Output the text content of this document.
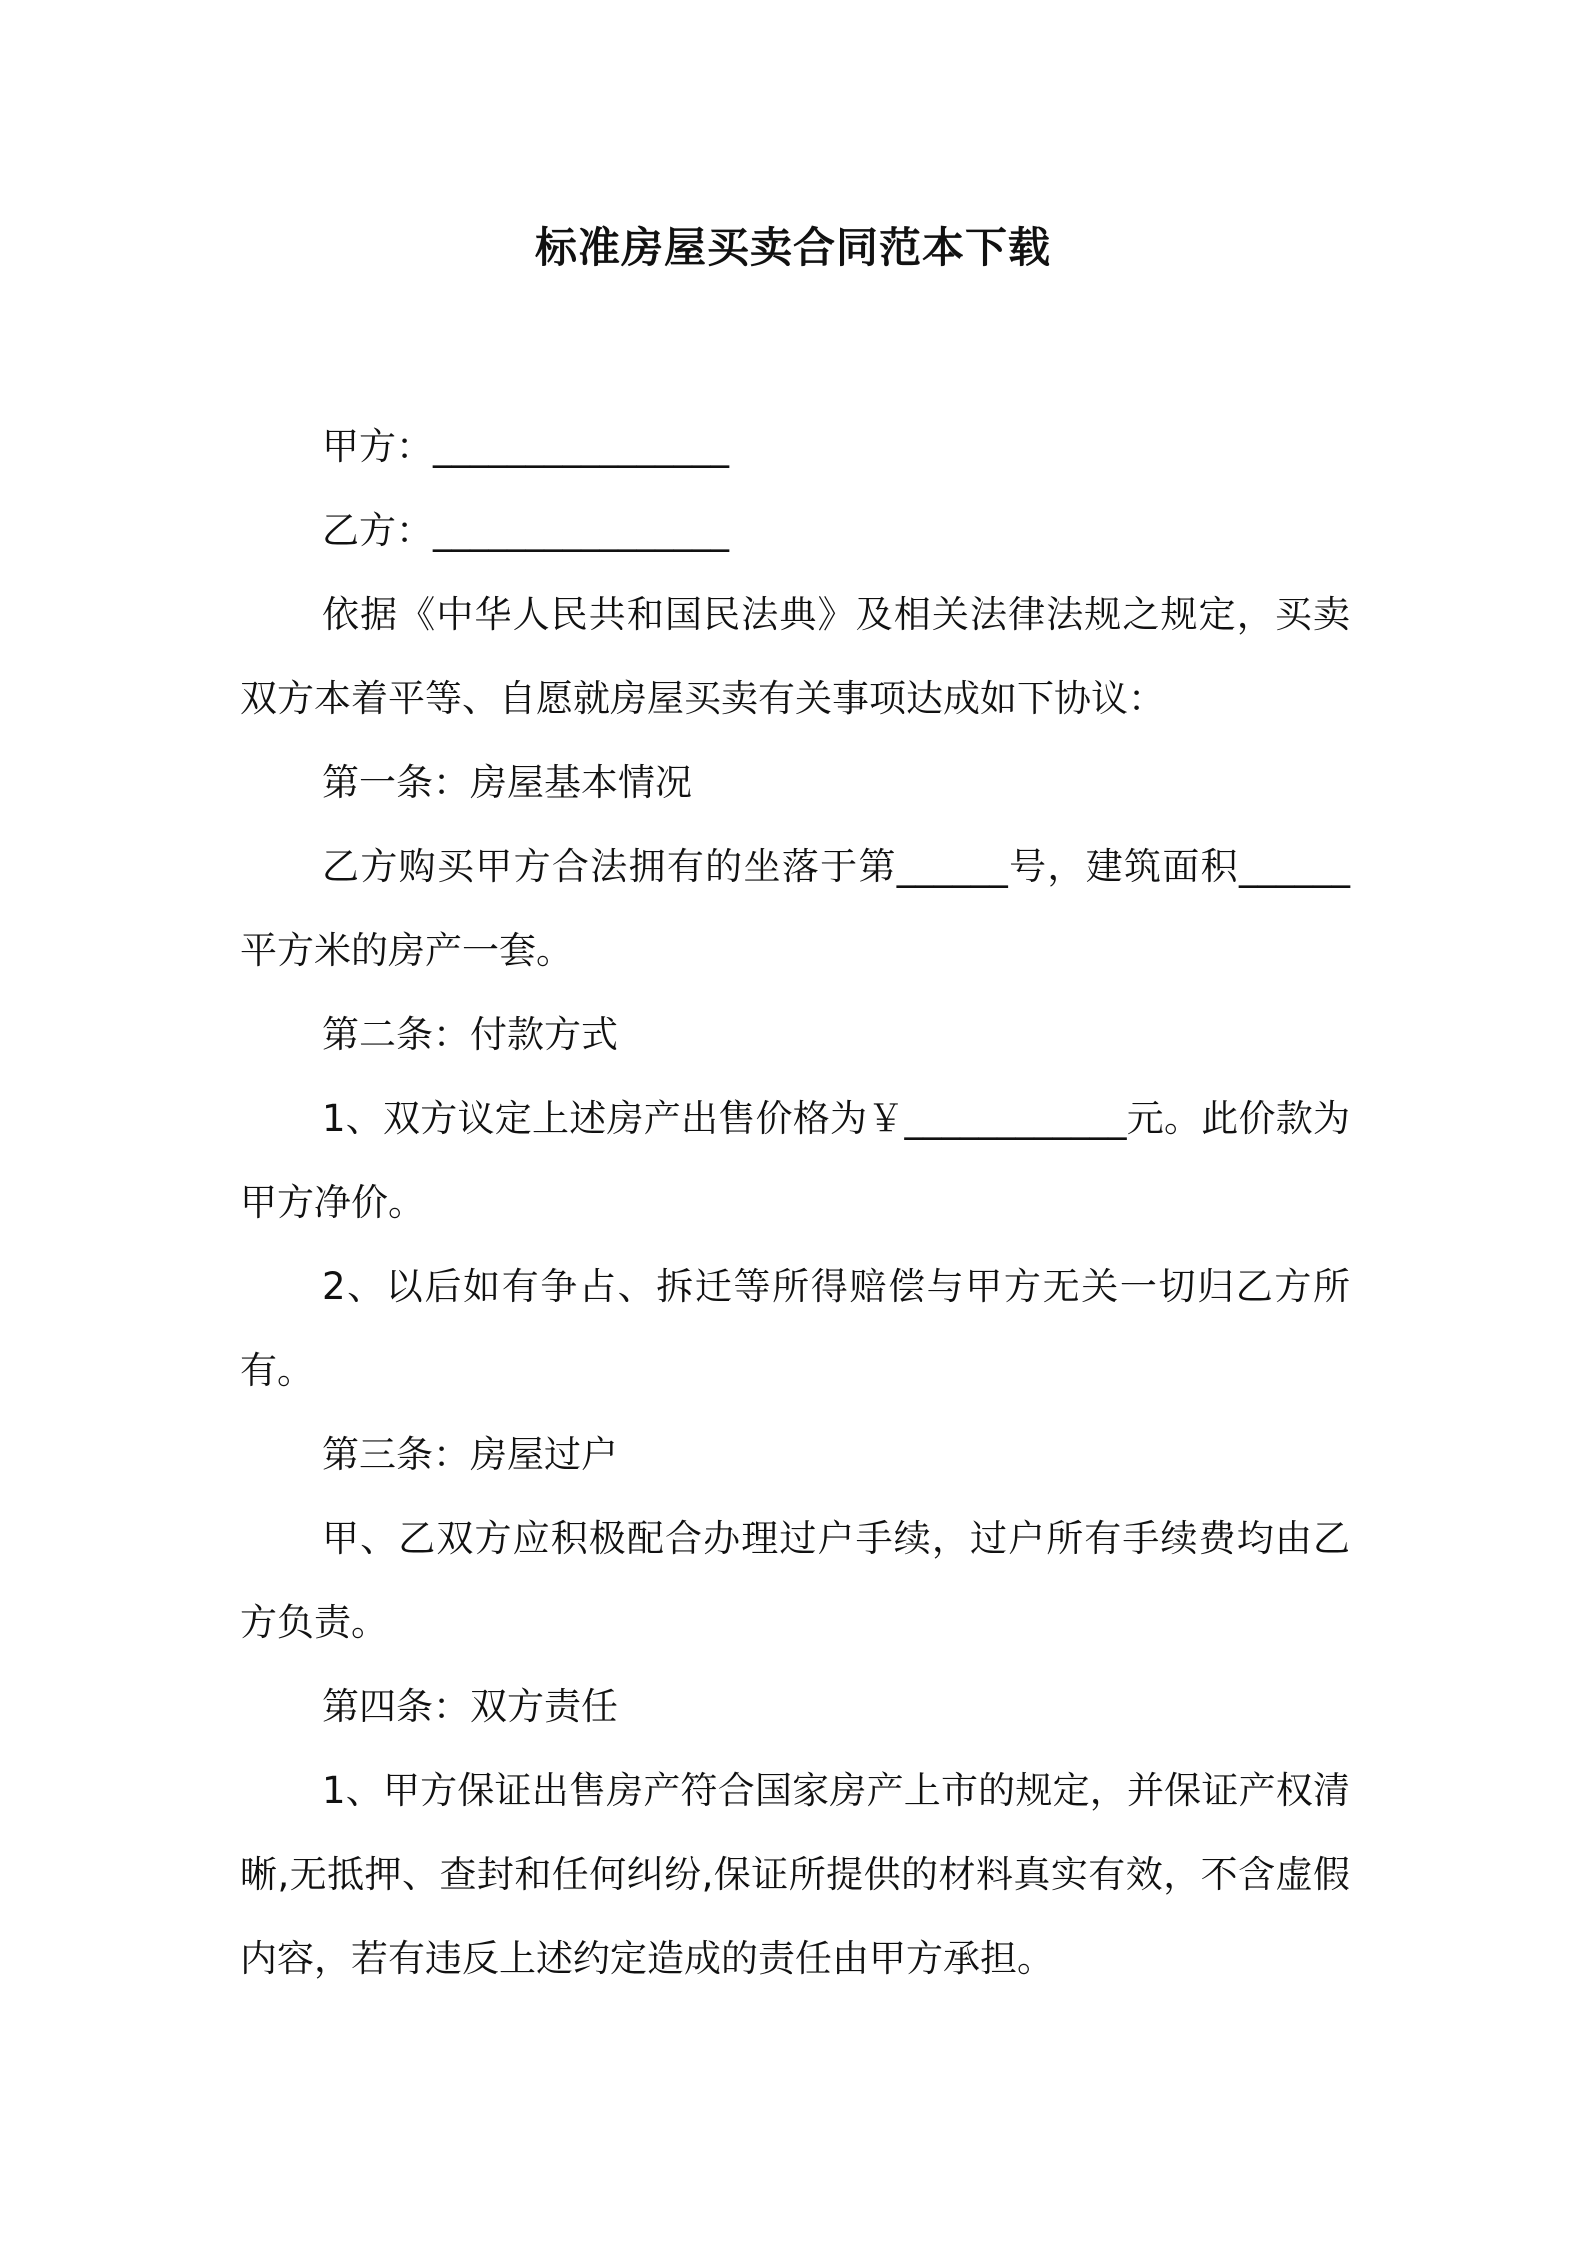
标准房屋买卖合同范本下载

甲方：________________

乙方：________________

依据《中华人民共和国民法典》及相关法律法规之规定，买卖双方本着平等、自愿就房屋买卖有关事项达成如下协议：

第一条：房屋基本情况

乙方购买甲方合法拥有的坐落于第______号，建筑面积______平方米的房产一套。

第二条：付款方式

1、双方议定上述房产出售价格为￥____________元。此价款为甲方净价。

2、以后如有争占、拆迁等所得赔偿与甲方无关一切归乙方所有。

第三条：房屋过户

甲、乙双方应积极配合办理过户手续，过户所有手续费均由乙方负责。

第四条：双方责任

1、甲方保证出售房产符合国家房产上市的规定，并保证产权清晰,无抵押、查封和任何纠纷,保证所提供的材料真实有效，不含虚假内容，若有违反上述约定造成的责任由甲方承担。
